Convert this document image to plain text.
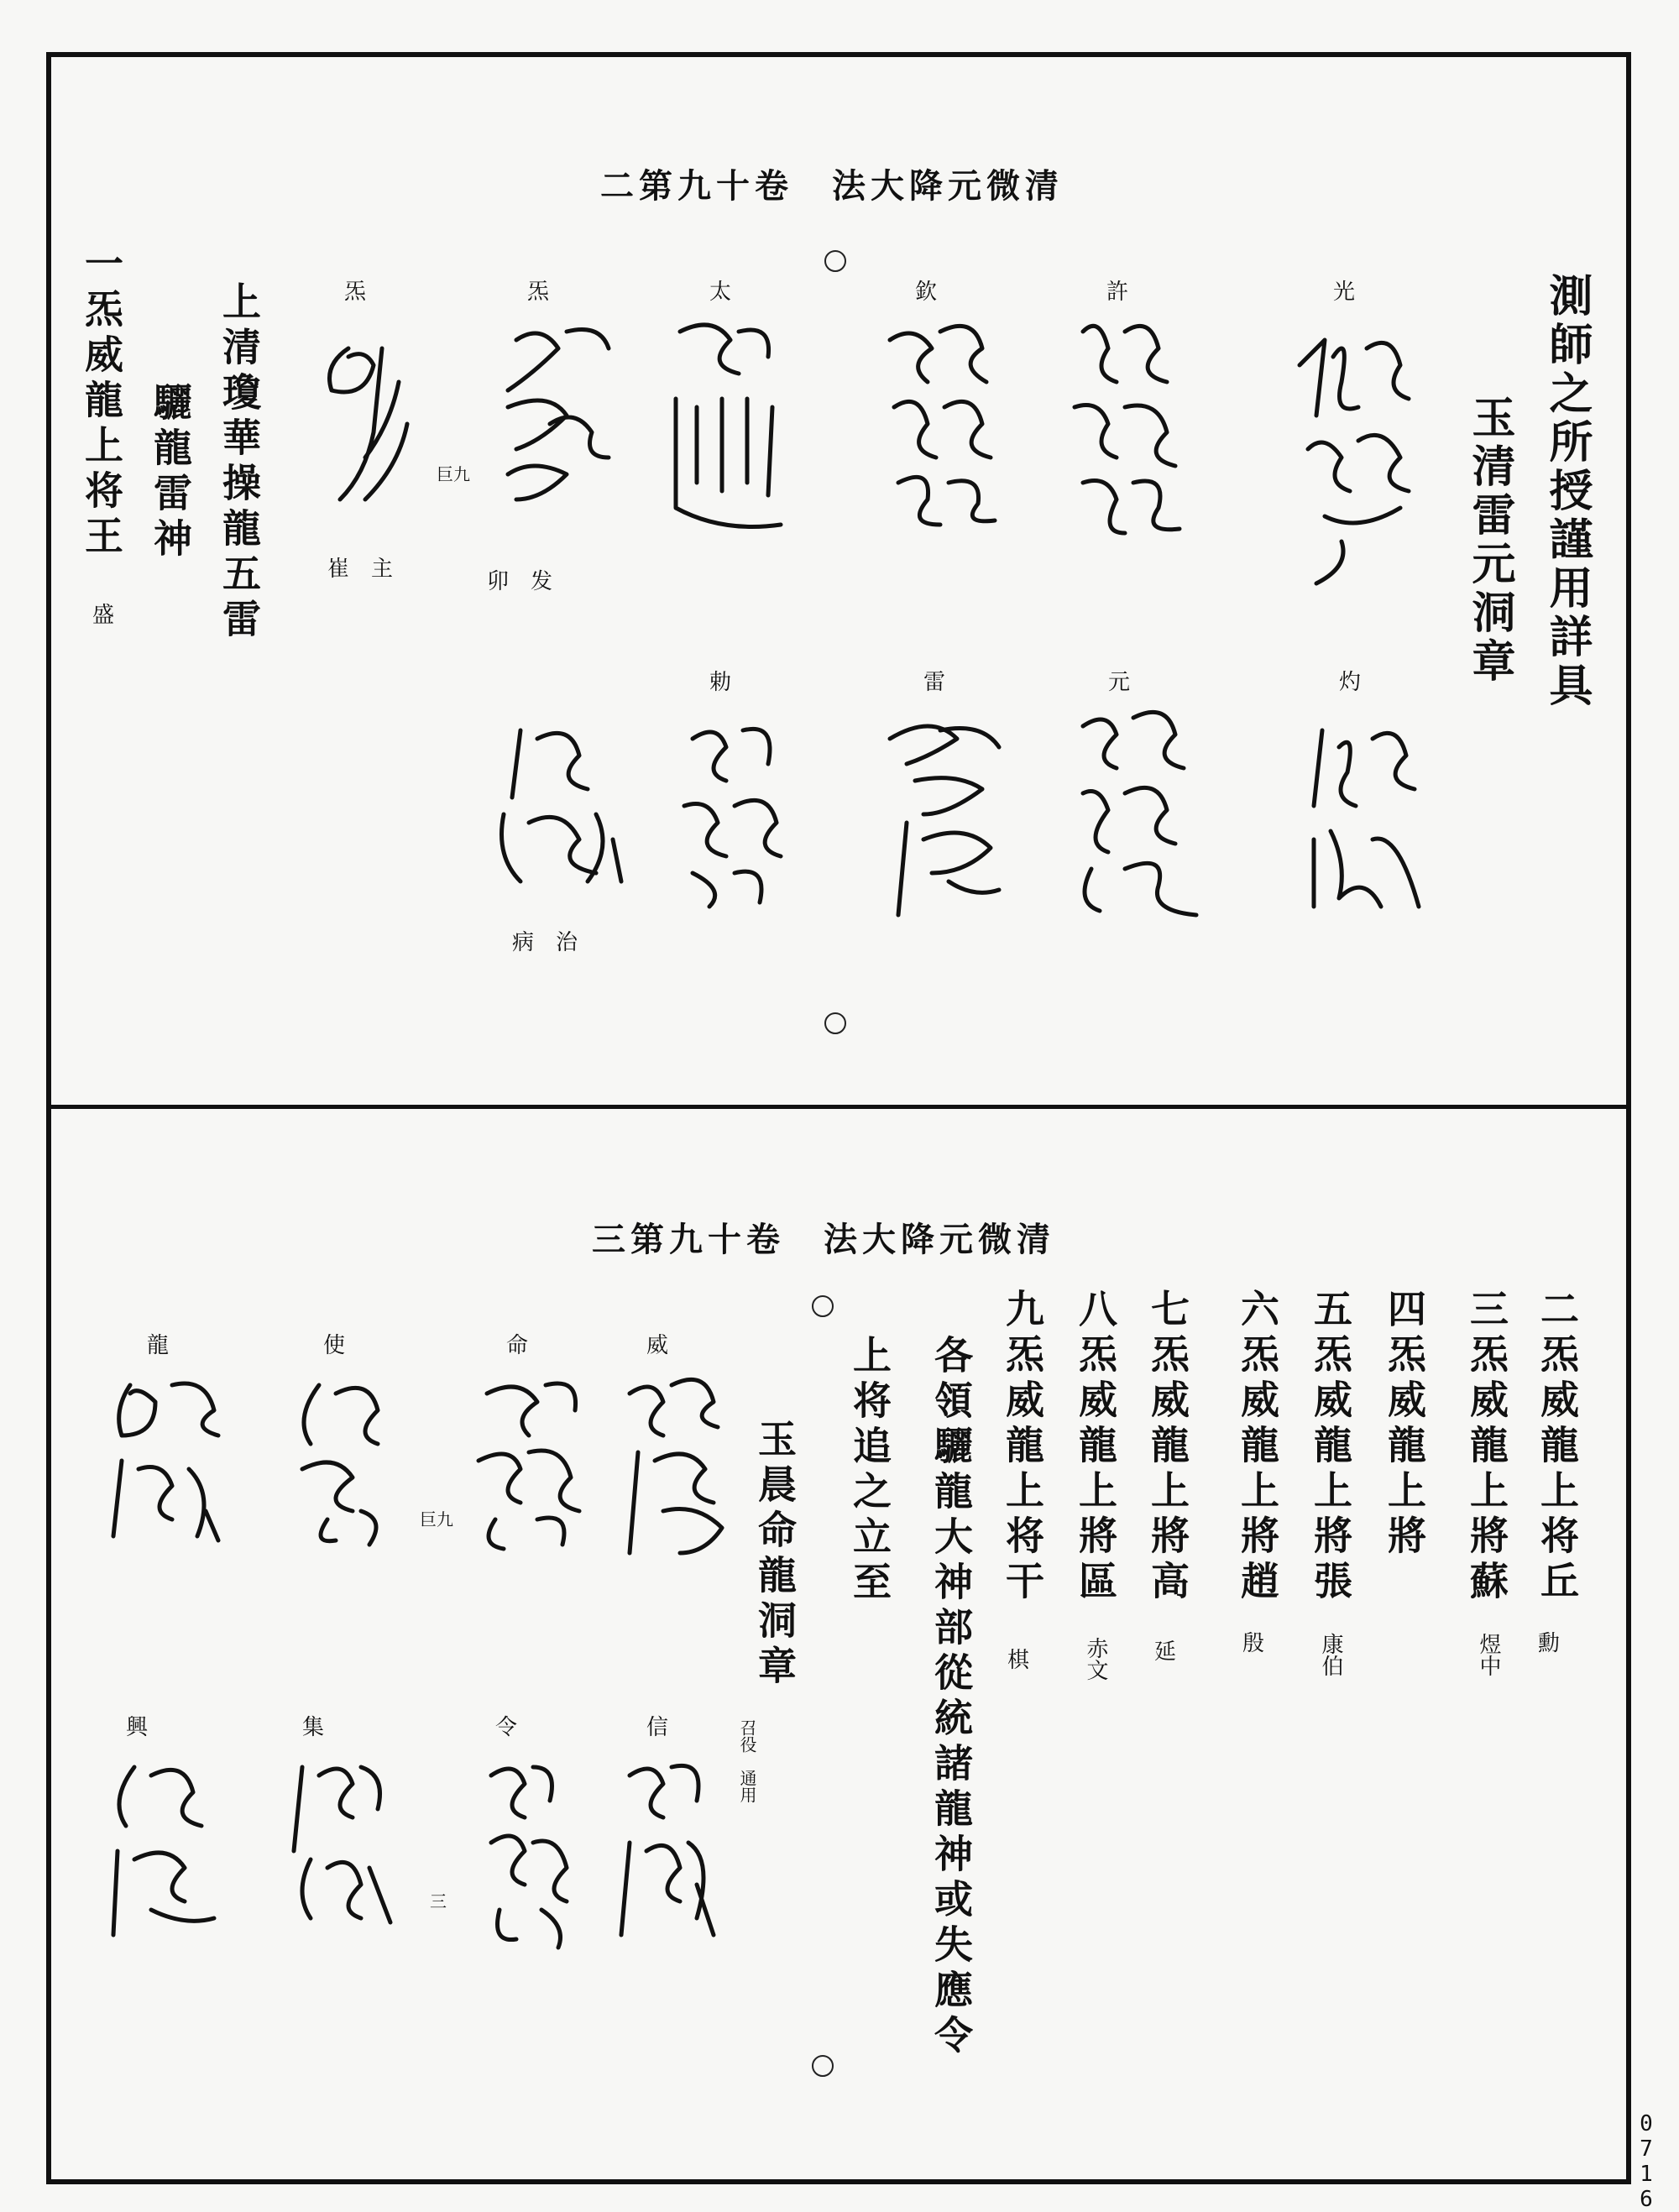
二第九十卷　法大降元微清
測師之所授謹用詳具
玉清雷元洞章
光
許
欽
太
炁
巨九
卯　发
炁
崔　主
灼
元
雷
勅
病　治
上清瓊華操龍五雷
驪龍雷神
一炁威龍上将王
盛
三第九十卷　法大降元微清
二炁威龍上将丘
勳
三炁威龍上將蘇
煜中
四炁威龍上將
五炁威龍上將張
康伯
六炁威龍上將趙
殷
七炁威龍上將高
延
八炁威龍上將區
赤文
九炁威龍上将干
棋
各領驪龍大神部從統諸龍神或失應令
上将追之立至
玉晨命龍洞章
召役　通用
威
命
巨九
使
龍
信
令
三
集
興
0716
